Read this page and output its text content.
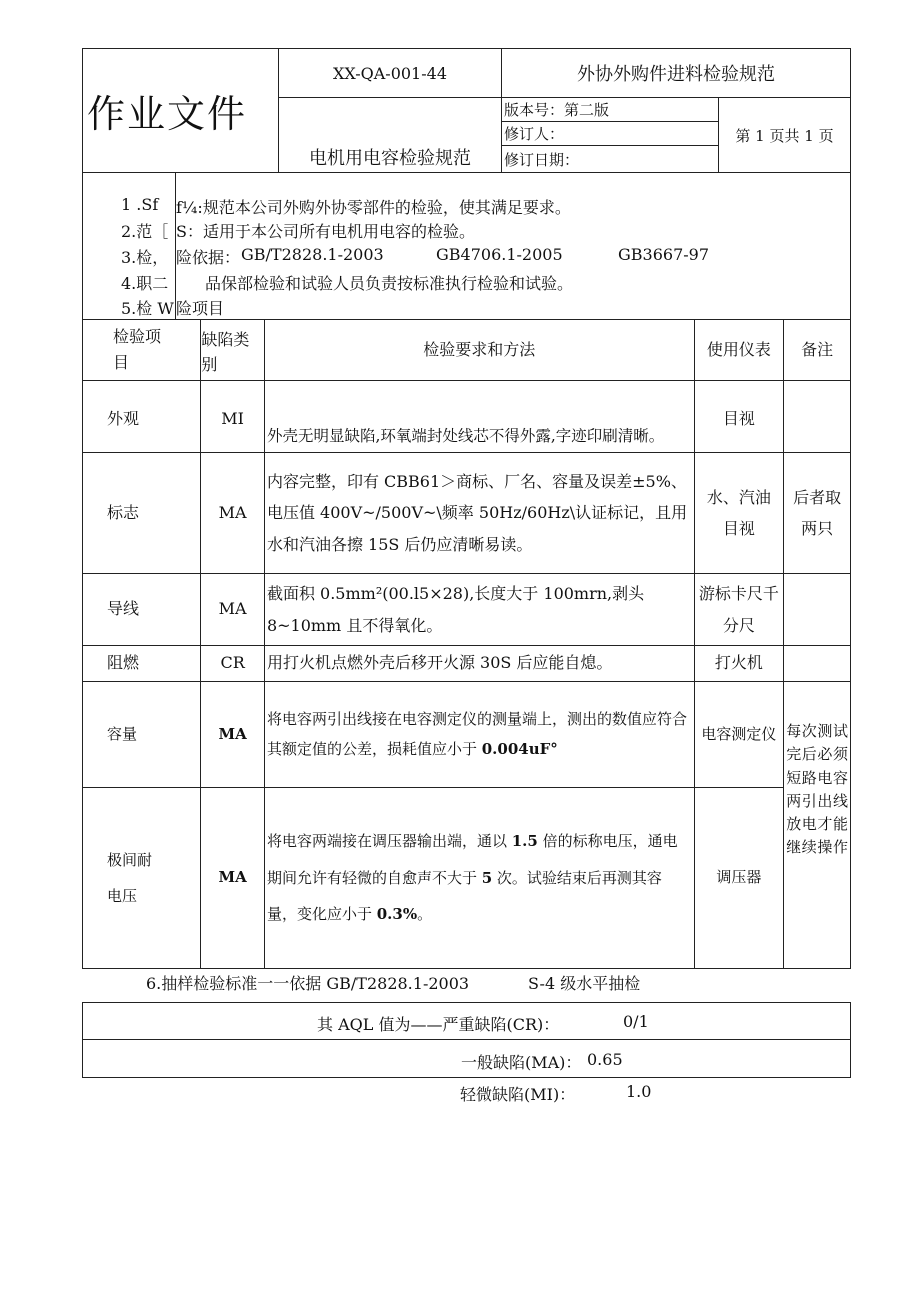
作业文件	XX-QA-001-44	外协外购件进料检验规范	
	电机用电容检验规范	版本号：第二版	第 1 页共 1 页
		修订人：	
		修订日期：	
1 .Sf f¼:规范本公司外购外协零部件的检验，使其满足要求。
2.范［ S：适用于本公司所有电机用电容的检验。
3.检， 险依据： GB/T2828.1-2003	GB4706.1-2005	GB3667-97
4.职二 品保部检验和试验人员负责按标准执行检验和试验。
5.检 W 险项目
检验项目	缺陷类别	检验要求和方法	使用仪表	备注
外观	MI	外壳无明显缺陷,环氧端封处线芯不得外露,字迹印刷清晰。	目视	
标志	MA	内容完整，印有 CBB61＞商标、厂名、容量及误差±5%、电压值 400V~/500V~\频率 50Hz/60Hz\认证标记，且用水和汽油各擦 15S 后仍应清晰易读。	水、汽油目视	后者取两只
导线	MA	截面积 0.5mm²(00.l5×28),长度大于 100mrn,剥头 8~10mm 且不得氧化。	游标卡尺千分尺	
阻燃	CR	用打火机点燃外壳后移开火源 30S 后应能自熄。	打火机	
容量	MA	将电容两引出线接在电容测定仪的测量端上，测出的数值应符合其额定值的公差，损耗值应小于 0.004uF°	电容测定仪	每次测试完后必须短路电容两引出线放电才能继续操作

极间耐电压	MA	将电容两端接在调压器输出端，通以 1.5 倍的标称电压，通电期间允许有轻微的自愈声不大于 5 次。试验结束后再测其容量，变化应小于 0.3%。	调压器	
6.抽样检验标准一一依据 GB/T2828.1-2003	S-4 级水平抽检
其 AQL 值为——严重缺陷(CR)：	0/1

一般缺陷(MA)： 0.65
轻微缺陷(MI)：	1.0
